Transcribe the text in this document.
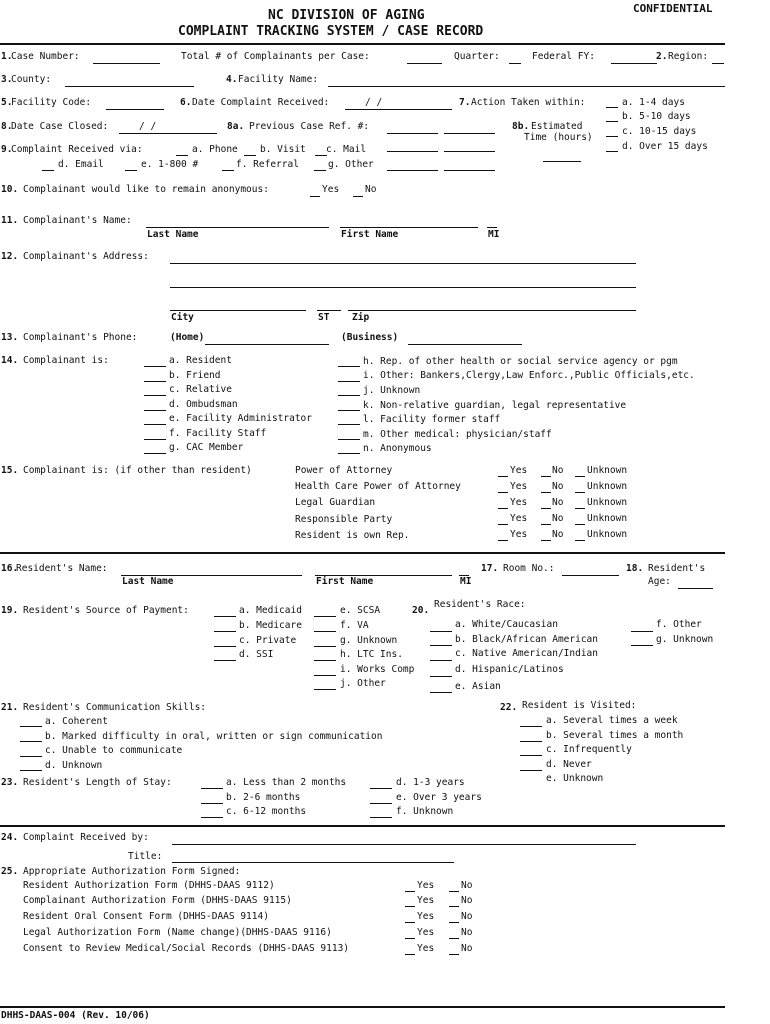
CONFIDENTIAL
NC DIVISION OF AGING
COMPLAINT TRACKING SYSTEM / CASE RECORD
1.
Case Number:	Total # of Complainants per Case:	Quarter:	Federal FY:	2. Region:
3.
County:	4. Facility Name:
5.
Facility Code:	6. Date Complaint Received:	/ /	7. Action Taken within:	a. 1-4 days
b. 5-10 days
c. 10-15 days
d. Over 15 days
8.
Date Case Closed:	/ /	8a. Previous Case Ref. #:	8b. Estimated
Time (hours)
9.
Complaint Received via:	a. Phone b. Visit c. Mail
d. Email	e. 1-800 #	f. Referral	g. Other
10. Complainant would like to remain anonymous:	Yes	No
11. Complainant's Name:
Last Name	First Name	MI
12. Complainant's Address:
City	ST Zip
13. Complainant's Phone:	(Home)	(Business)
14. Complainant is:	a. Resident
b. Friend
c. Relative
d. Ombudsman
e. Facility Administrator
f. Facility Staff
g. CAC Member
h. Rep. of other health or social service agency or pgm
i. Other: Bankers,Clergy,Law Enforc.,Public Officials,etc.
j. Unknown
k. Non-relative guardian, legal representative
l. Facility former staff
m. Other medical: physician/staff
n. Anonymous
15. Complainant is: (if other than resident)	Power of Attorney	Yes	No Unknown
Health Care Power of Attorney	Yes	No Unknown
Legal Guardian	Yes	No Unknown
Responsible Party	Yes	No Unknown
Resident is own Rep.	Yes	No Unknown
16.
Resident's Name:
Last Name	First Name	MI
17. Room No.:	18. Resident's
Age:
19. Resident's Source of Payment:	a. Medicaid
b. Medicare
c. Private
d. SSI
e. SCSA
f. VA
g. Unknown
h. LTC Ins.
i. Works Comp
j. Other
20.
Resident's Race:
a. White/Caucasian
b. Black/African American
c. Native American/Indian
d. Hispanic/Latinos
e. Asian
f. Other
g. Unknown
21. Resident's Communication Skills:
a. Coherent
b. Marked difficulty in oral, written or sign communication
c. Unable to communicate
d. Unknown
22. Resident is Visited:
a. Several times a week
b. Several times a month
c. Infrequently
d. Never
e. Unknown
23. Resident's Length of Stay:	a. Less than 2 months
b. 2-6 months
c. 6-12 months
d. 1-3 years
e. Over 3 years
f. Unknown
24. Complaint Received by:
Title:
25. Appropriate Authorization Form Signed:
Resident Authorization Form (DHHS-DAAS 9112)	Yes	No
Complainant Authorization Form (DHHS-DAAS 9115)	Yes	No
Resident Oral Consent Form (DHHS-DAAS 9114)	Yes	No
Legal Authorization Form (Name change)(DHHS-DAAS 9116)	Yes	No
Consent to Review Medical/Social Records (DHHS-DAAS 9113)	Yes	No
DHHS-DAAS-004 (Rev. 10/06)
